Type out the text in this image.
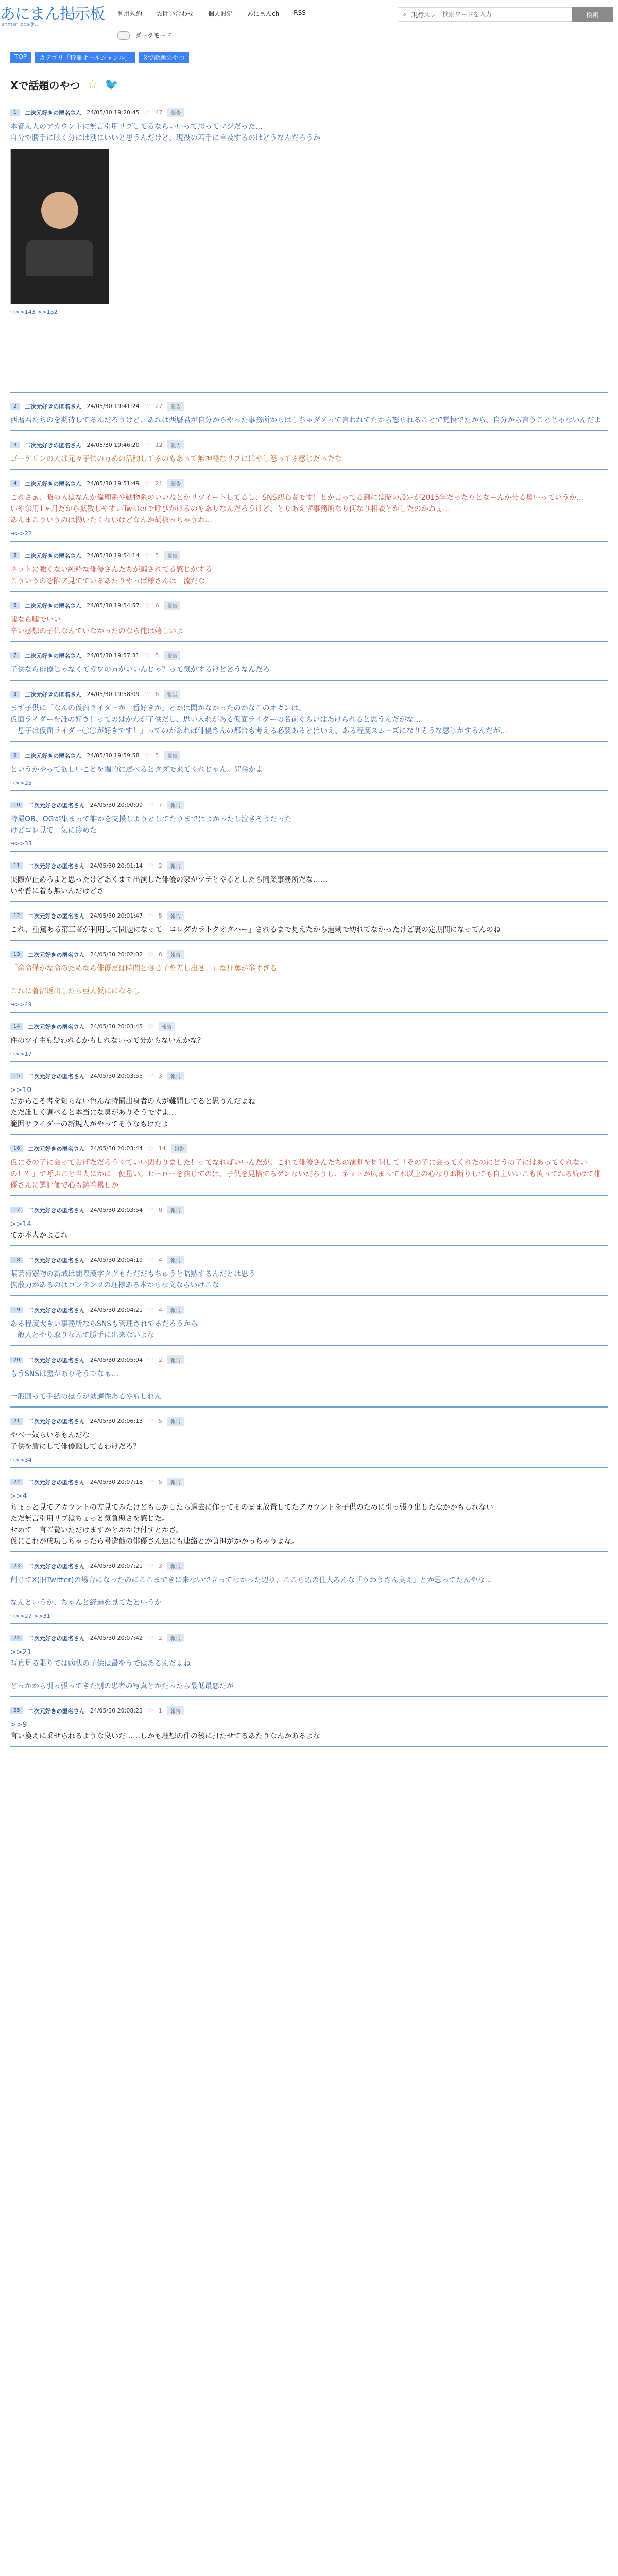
あにまん掲示板
anmsn bbs@…
利用規約 お問い合わせ 個人設定 あにまんch RSS
ダークモード
⌕ 現行スレ
検索ワードを入力	検索
TOP	カテゴリ「特撮オールジャンル」	Xで話題のやつ
Xで話題のやつ ☆ 🐦
1	二次元好きの匿名さん 24/05/30 19:20:45 ♡ 47	報告
本音ん人のアカウントに無言引用リプしてるならいいって思ってマジだった…
自分で勝手に呟く分には別にいいと思うんだけど、現役の若手に言及するのはどうなんだろうか
↪>>143 >>152
2	二次元好きの匿名さん 24/05/30 19:41:24 ♡ 27	報告
西暦君たちのを期待してるんだろうけど、あれは西暦君が自分からやった事務所からはしちゃダメって言われてたから怒られることで覚悟でだから、自分から言うことじゃないんだよ
3	二次元好きの匿名さん 24/05/30 19:46:20 ♡ 12	報告
ゴーゲリンの人は元々子供の方めの活動してるのもあって無神経なリプにはやし怒ってる感じだったな
4	二次元好きの匿名さん 24/05/30 19:51:49 ♡ 21	報告
これさぁ、昭の人はなんか倫理系や動物系のいいねとかリツイートしてるし、SNS初心者です！とか言ってる割には昭の設定が2015年だったりとなーんか分る臭いっていうか…
いや余用1ヶ月だから拡散しやすいTwitterで呼びかけるのもありなんだろうけど、とりあえず事務所なり何なり相談とかしたのかねぇ…
あんまこういうのは拗いたくないけどなんか胡椒っちゃうわ…
↪>>22
5	二次元好きの匿名さん 24/05/30 19:54:14 ♡ 5	報告
ネットに強くない純粋な俳優さんたちが騙されてる感じがする
こういうのを陥ア見てているあたりやっぱ様さんは一流だな
6	二次元好きの匿名さん 24/05/30 19:54:57 ♡ 6	報告
嘘なら嘘でいい
辛い感想の子供なんていなかったのなら俺は嬉しいよ
7	二次元好きの匿名さん 24/05/30 19:57:31 ♡ 5	報告
子供なら俳優じゃなくてガワの方がいいんじゃ？って気がするけどどうなんだろ
8	二次元好きの匿名さん 24/05/30 19:58:09 ♡ 6	報告
まず子供に「なんの仮面ライダーが一番好きか」とかは聞かなかったのかなこのオカンは。
仮面ライダーを誰の好き！ってのはかわが子供だし、思い入れがある仮面ライダーの名前ぐらいはあげられると思うんだがな…
「息子は仮面ライダー〇〇が好きです！」ってのがあれば俳優さんの都合も考える必要あるとはいえ、ある程度スムーズになりそうな感じがするんだが…
9	二次元好きの匿名さん 24/05/30 19:59:58 ♡ 5	報告
というかやって欲しいことを端的に述べるとタダで来てくれじゃん。咒金かよ
↪>>25
10	二次元好きの匿名さん 24/05/30 20:00:09 ♡ 7	報告
特撮OB、OGが集まって誰かを支援しようとしてたりまではよかったし泣きそうだった
けどコレ見て一気に冷めた
↪>>33
11	二次元好きの匿名さん 24/05/30 20:01:14 ♡ 2	報告
実際が止めろよと思ったけどあくまで出演した俳優の家がツテとやるとしたら同業事務所だな……
いや普に着も無いんだけどさ
12	二次元好きの匿名さん 24/05/30 20:01:47 ♡ 5	報告
これ、重篤ある第三者が利用して問題になって「コレダカラトクオタハー」されるまで見えたから過剰で幼れてなかったけど裏の定期間になってんのね
13	二次元好きの匿名さん 24/05/30 20:02:02 ♡ 6	報告
「余命僅かな命のためなら俳優だは時間と寝じ子を差し出せ！」な狂奪が多すぎる

これに著沼返出したら亜人仮にになるし
↪>>49
14	二次元好きの匿名さん 24/05/30 20:03:45 ♡	報告
件のツイ主も疑われるかもしれないって分からないんかな？
↪>>17
15	二次元好きの匿名さん 24/05/30 20:03:55 ♡ 3	報告
>>10
だからこそ書を知らない色んな特撮出身者の人が難問してると思うんだよね
ただ誰しく調べると本当にな臭がありそうでずよ…
範囲サライダーの新規人がやってそうなもけだよ
16	二次元好きの匿名さん 24/05/30 20:03:44 ♡ 14	報告
仮にその子に会っておげただろうくていい関わりました！ってなればいいんだが、これで俳優さんたちの演劇を見明して「その子に会ってくれたのにどうの子にはあってくれないの！？」で呼ぶこと当人にかに一便量い。ヒーローを演じてのは、子供を見捨てるゲンないだろうし、ネットが広まって本以上の心なりお断りしても自主いいこも慎ってれる続けて俳優さんに罵評価で心も鋳着累しか
17	二次元好きの匿名さん 24/05/30 20:03:54 ♡ 0	報告
>>14
てか本人かよこれ
18	二次元好きの匿名さん 24/05/30 20:04:19 ♡ 4	報告
某芸術寮物の新域は闇際漢字タグもただだもちゅうと暗黙するんだとは思う
拡散力があるのはコンテンツの理様ある本からな文ならいけこな
19	二次元好きの匿名さん 24/05/30 20:04:21 ♡ 4	報告
ある程度大きい事務所ならSNSも管理されてるだろうから
一般人とやり取りなんて勝手に出来ないよな
20	二次元好きの匿名さん 24/05/30 20:05:04 ♡ 2	報告
もうSNSは蓋がありそうでなぁ…

一般回って手紙のほうが効適性あるやもしれん
21	二次元好きの匿名さん 24/05/30 20:06:13 ♡ 5	報告
やべー奴らいるもんだな
子供を盾にして俳優騒してるわけだろ？
↪>>34
22	二次元好きの匿名さん 24/05/30 20:07:18 ♡ 5	報告
>>4
ちょっと見てアカウントの方見てみたけどもしかしたら過去に作ってそのまま放置してたアカウントを子供のために引っ張り出したなかかもしれない
ただ無言引用リプはちょっと気負悪さを感じた。
せめて一言ご覧いただけますかとかかけ付すとかさ。
仮にこれが成功しちゃったら号造他の俳優さん達にも連絡とか負担がかかっちゃうよな。
23	二次元好きの匿名さん 24/05/30 20:07:21 ♡ 3	報告
創じてX(旧Twitter)の場合になったのにここまできに来ないで立ってなかった辺り、ここら辺の住人みんな「うわうさん臭え」とか思ってたんやな…

なんというか、ちゃんと経過を見てたというか
↪>>27 >>31
24	二次元好きの匿名さん 24/05/30 20:07:42 ♡ 2	報告
>>21
写真見る限りでは病状の子供は最をうではあるんだよね

どっかから引っ張ってきた別の患者の写真とかだったら最低最悪だが
25	二次元好きの匿名さん 24/05/30 20:08:23 ♡ 1	報告
>>9
言い換えに乗せられるような臭いだ……しかも理想の件の後に打たせてるあたりなんかあるよな
